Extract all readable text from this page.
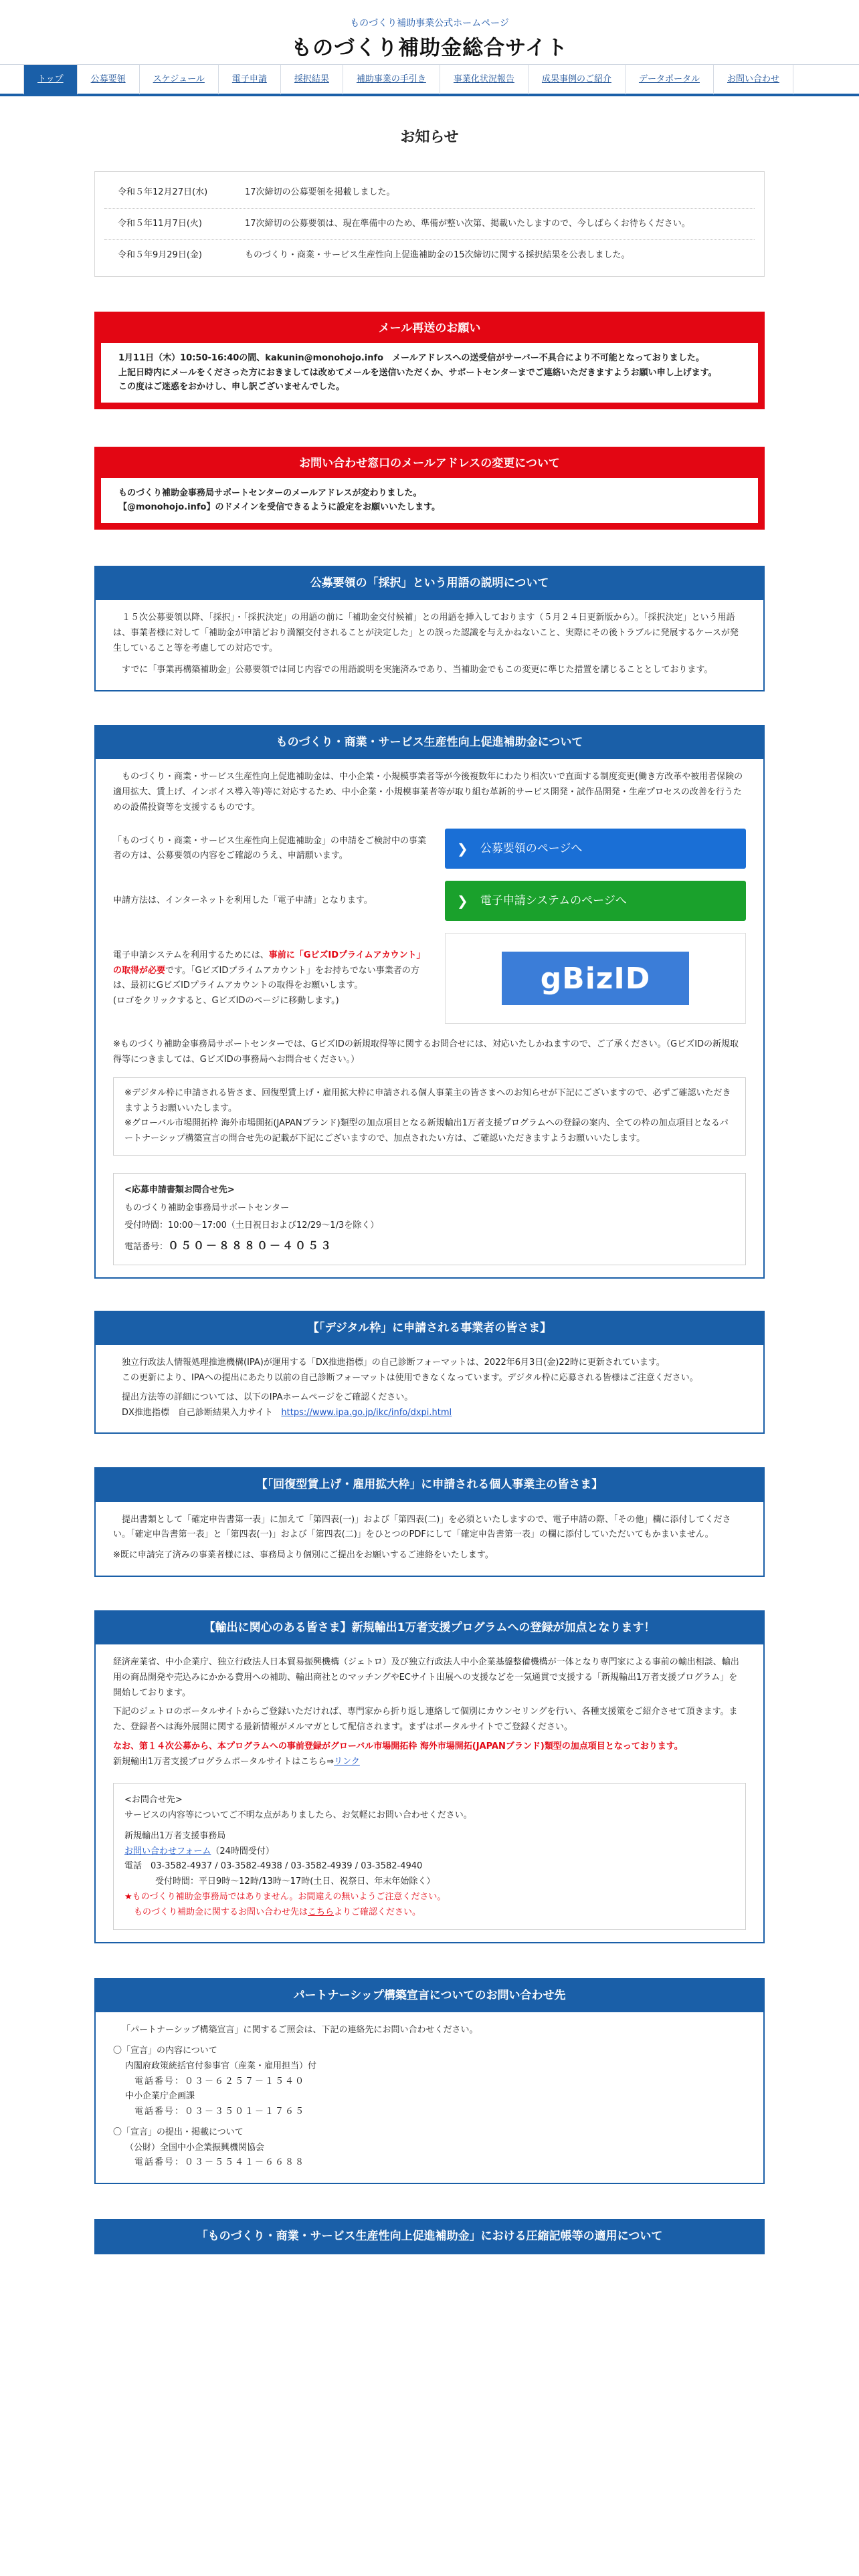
ものづくり補助事業公式ホームページ
ものづくり補助金総合サイト
トップ	公募要領	スケジュール	電子申請	採択結果	補助事業の手引き	事業化状況報告	成果事例のご紹介	データポータル	お問い合わせ
お知らせ
令和５年12月27日(水)	17次締切の公募要領を掲載しました。
令和５年11月7日(火)	17次締切の公募要領は、現在準備中のため、準備が整い次第、掲載いたしますので、今しばらくお待ちください。
令和５年9月29日(金)	ものづくり・商業・サービス生産性向上促進補助金の15次締切に関する採択結果を公表しました。
メール再送のお願い

1月11日（木）10:50-16:40の間、kakunin@monohojo.info　メールアドレスへの送受信がサーバー不具合により不可能となっておりました。

上記日時内にメールをくださった方におきましては改めてメールを送信いただくか、サポートセンターまでご連絡いただきますようお願い申し上げます。

この度はご迷惑をおかけし、申し訳ございませんでした。

お問い合わせ窓口のメールアドレスの変更について

ものづくり補助金事務局サポートセンターのメールアドレスが変わりました。

【@monohojo.info】のドメインを受信できるように設定をお願いいたします。

公募要領の「採択」という用語の説明について

１５次公募要領以降、「採択」・「採択決定」の用語の前に「補助金交付候補」との用語を挿入しております（５月２４日更新版から）。「採択決定」という用語は、事業者様に対して「補助金が申請どおり満額交付されることが決定した」との誤った認識を与えかねないこと、実際にその後トラブルに発展するケースが発生していること等を考慮しての対応です。

すでに「事業再構築補助金」公募要領では同じ内容での用語説明を実施済みであり、当補助金でもこの変更に準じた措置を講じることとしております。

ものづくり・商業・サービス生産性向上促進補助金について

ものづくり・商業・サービス生産性向上促進補助金は、中小企業・小規模事業者等が今後複数年にわたり相次いで直面する制度変更(働き方改革や被用者保険の適用拡大、賃上げ、インボイス導入等)等に対応するため、中小企業・小規模事業者等が取り組む革新的サービス開発・試作品開発・生産プロセスの改善を行うための設備投資等を支援するものです。

「ものづくり・商業・サービス生産性向上促進補助金」の申請をご検討中の事業者の方は、公募要領の内容をご確認のうえ、申請願います。	❯ 公募要領のページへ

申請方法は、インターネットを利用した「電子申請」となります。	❯ 電子申請システムのページへ
電子申請システムを利用するためには、事前に「GビズIDプライムアカウント」の取得が必要です。「GビズIDプライムアカウント」をお持ちでない事業者の方は、最初にGビズIDプライムアカウントの取得をお願いします。
(ロゴをクリックすると、GビズIDのページに移動します。)
gBizID

※ものづくり補助金事務局サポートセンターでは、GビズIDの新規取得等に関するお問合せには、対応いたしかねますので、ご了承ください。（GビズIDの新規取得等につきましては、GビズIDの事務局へお問合せください。）

※デジタル枠に申請される皆さま、回復型賃上げ・雇用拡大枠に申請される個人事業主の皆さまへのお知らせが下記にございますので、必ずご確認いただきますようお願いいたします。

※グローバル市場開拓枠 海外市場開拓(JAPANブランド)類型の加点項目となる新規輸出1万者支援プログラムへの登録の案内、全ての枠の加点項目となるパートナーシップ構築宣言の問合せ先の記載が下記にございますので、加点されたい方は、ご確認いただきますようお願いいたします。

<応募申請書類お問合せ先>

ものづくり補助金事務局サポートセンター

受付時間：10:00～17:00（土日祝日および12/29～1/3を除く）

電話番号：０５０－８８８０－４０５３

【「デジタル枠」に申請される事業者の皆さま】

独立行政法人情報処理推進機構(IPA)が運用する「DX推進指標」の自己診断フォーマットは、2022年6月3日(金)22時に更新されています。

この更新により、IPAへの提出にあたり以前の自己診断フォーマットは使用できなくなっています。デジタル枠に応募される皆様はご注意ください。

提出方法等の詳細については、以下のIPAホームページをご確認ください。

DX推進指標　自己診断結果入力サイト https://www.ipa.go.jp/ikc/info/dxpi.html

【「回復型賃上げ・雇用拡大枠」に申請される個人事業主の皆さま】

提出書類として「確定申告書第一表」に加えて「第四表(一)」および「第四表(二)」を必須といたしますので、電子申請の際、「その他」欄に添付してください。「確定申告書第一表」と「第四表(一)」および「第四表(二)」をひとつのPDFにして「確定申告書第一表」の欄に添付していただいてもかまいません。

※既に申請完了済みの事業者様には、事務局より個別にご提出をお願いするご連絡をいたします。

【輸出に関心のある皆さま】新規輸出1万者支援プログラムへの登録が加点となります！

経済産業省、中小企業庁、独立行政法人日本貿易振興機構（ジェトロ）及び独立行政法人中小企業基盤整備機構が一体となり専門家による事前の輸出相談、輸出用の商品開発や売込みにかかる費用への補助、輸出商社とのマッチングやECサイト出展への支援などを一気通貫で支援する「新規輸出1万者支援プログラム」を開始しております。

下記のジェトロのポータルサイトからご登録いただければ、専門家から折り返し連絡して個別にカウンセリングを行い、各種支援策をご紹介させて頂きます。また、登録者へは海外展開に関する最新情報がメルマガとして配信されます。まずはポータルサイトでご登録ください。

なお、第１４次公募から、本プログラムへの事前登録がグローバル市場開拓枠 海外市場開拓(JAPANブランド)類型の加点項目となっております。

新規輸出1万者支援プログラムポータルサイトはこちら⇒リンク

<お問合せ先>

サービスの内容等についてご不明な点がありましたら、お気軽にお問い合わせください。

新規輸出1万者支援事務局

お問い合わせフォーム（24時間受付）

電話　03-3582-4937 / 03-3582-4938 / 03-3582-4939 / 03-3582-4940

受付時間：平日9時～12時/13時～17時(土日、祝祭日、年末年始除く）

★ものづくり補助金事務局ではありません。お間違えの無いようご注意ください。

ものづくり補助金に関するお問い合わせ先はこちらよりご確認ください。

パートナーシップ構築宣言についてのお問い合わせ先

「パートナーシップ構築宣言」に関するご照会は、下記の連絡先にお問い合わせください。

〇「宣言」の内容について

内閣府政策統括官付参事官（産業・雇用担当）付

電話番号：０３－６２５７－１５４０

中小企業庁企画課

電話番号：０３－３５０１－１７６５

〇「宣言」の提出・掲載について

（公財）全国中小企業振興機関協会

電話番号：０３－５５４１－６６８８

「ものづくり・商業・サービス生産性向上促進補助金」における圧縮記帳等の適用について
